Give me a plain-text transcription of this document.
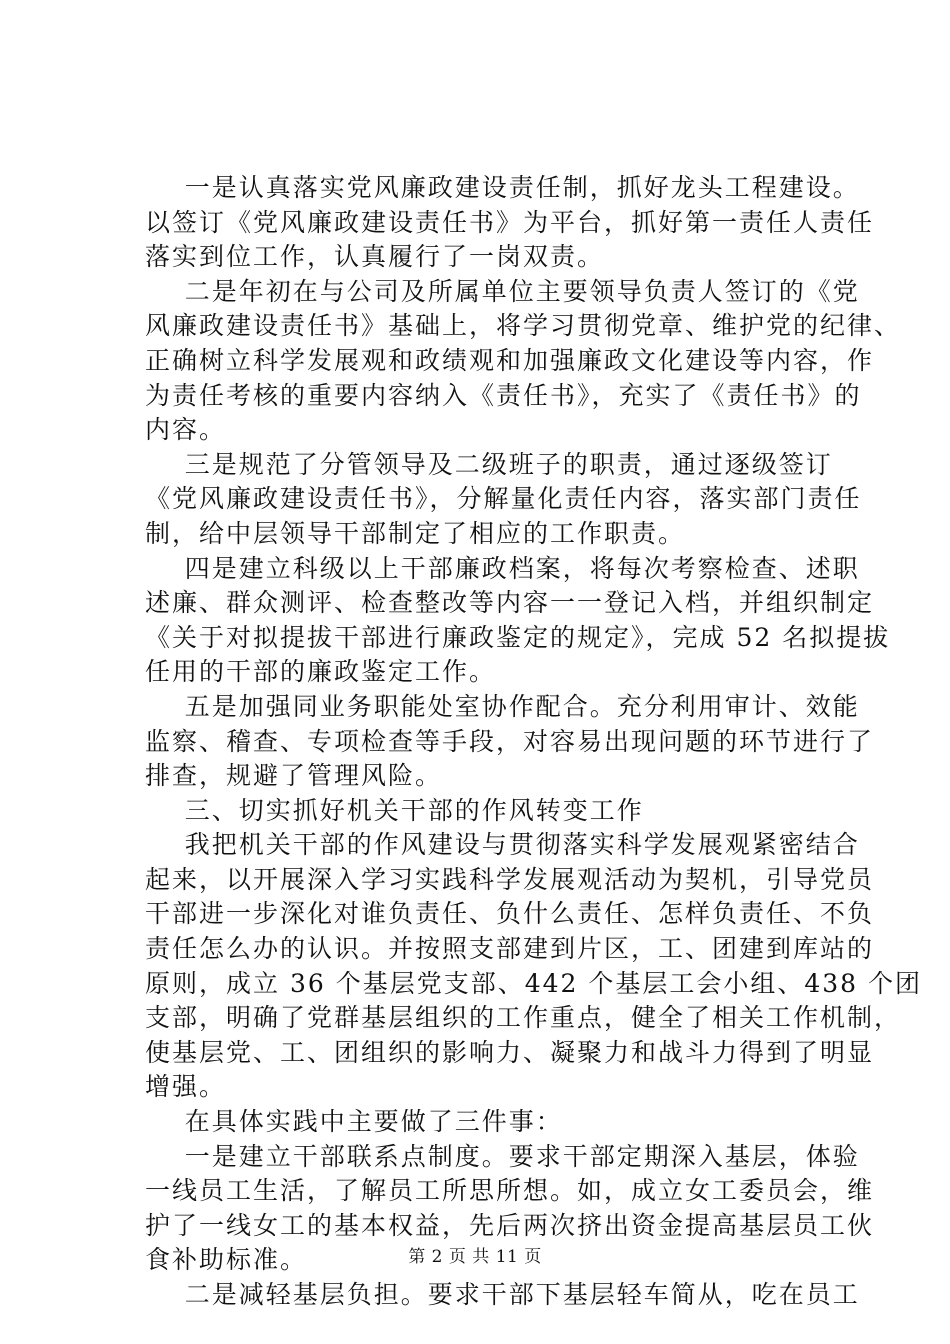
一是认真落实党风廉政建设责任制，抓好龙头工程建设。
以签订《党风廉政建设责任书》为平台，抓好第一责任人责任
落实到位工作，认真履行了一岗双责。
二是年初在与公司及所属单位主要领导负责人签订的《党
风廉政建设责任书》基础上，将学习贯彻党章、维护党的纪律、
正确树立科学发展观和政绩观和加强廉政文化建设等内容，作
为责任考核的重要内容纳入《责任书》，充实了《责任书》的
内容。
三是规范了分管领导及二级班子的职责，通过逐级签订
《党风廉政建设责任书》，分解量化责任内容，落实部门责任
制，给中层领导干部制定了相应的工作职责。
四是建立科级以上干部廉政档案，将每次考察检查、述职
述廉、群众测评、检查整改等内容一一登记入档，并组织制定
《关于对拟提拔干部进行廉政鉴定的规定》，完成 52 名拟提拔
任用的干部的廉政鉴定工作。
五是加强同业务职能处室协作配合。充分利用审计、效能
监察、稽查、专项检查等手段，对容易出现问题的环节进行了
排查，规避了管理风险。
三、切实抓好机关干部的作风转变工作
我把机关干部的作风建设与贯彻落实科学发展观紧密结合
起来，以开展深入学习实践科学发展观活动为契机，引导党员
干部进一步深化对谁负责任、负什么责任、怎样负责任、不负
责任怎么办的认识。并按照支部建到片区，工、团建到库站的
原则，成立 36 个基层党支部、442 个基层工会小组、438 个团
支部，明确了党群基层组织的工作重点，健全了相关工作机制，
使基层党、工、团组织的影响力、凝聚力和战斗力得到了明显
增强。
在具体实践中主要做了三件事：
一是建立干部联系点制度。要求干部定期深入基层，体验
一线员工生活，了解员工所思所想。如，成立女工委员会，维
护了一线女工的基本权益，先后两次挤出资金提高基层员工伙
食补助标准。
二是减轻基层负担。要求干部下基层轻车简从，吃在员工
第 2 页 共 11 页
